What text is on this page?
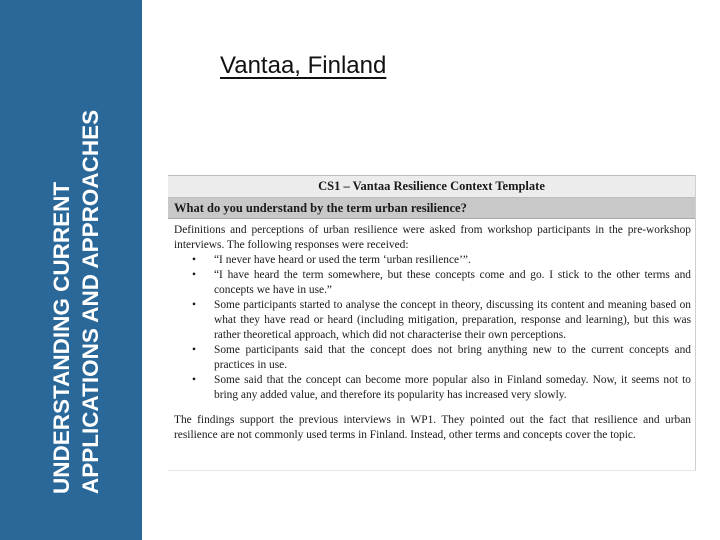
UNDERSTANDING CURRENT APPLICATIONS AND APPROACHES
Vantaa, Finland
CS1 – Vantaa Resilience Context Template
What do you understand by the term urban resilience?

Definitions and perceptions of urban resilience were asked from workshop participants in the pre-workshop interviews. The following responses were received:

• “I never have heard or used the term ‘urban resilience’”.
• “I have heard the term somewhere, but these concepts come and go. I stick to the other terms and concepts we have in use.”
• Some participants started to analyse the concept in theory, discussing its content and meaning based on what they have read or heard (including mitigation, preparation, response and learning), but this was rather theoretical approach, which did not characterise their own perceptions.
• Some participants said that the concept does not bring anything new to the current concepts and practices in use.
• Some said that the concept can become more popular also in Finland someday. Now, it seems not to bring any added value, and therefore its popularity has increased very slowly.

The findings support the previous interviews in WP1. They pointed out the fact that resilience and urban resilience are not commonly used terms in Finland. Instead, other terms and concepts cover the topic.
